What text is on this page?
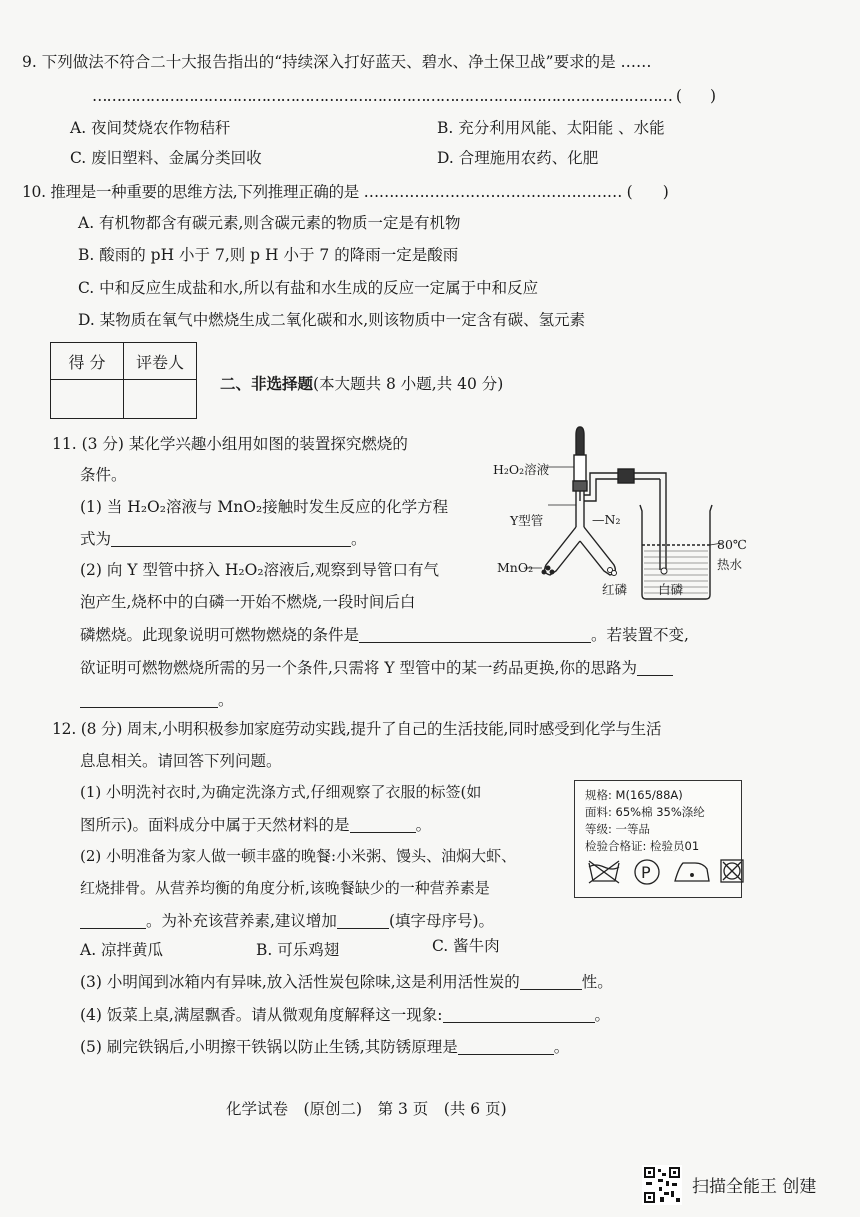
9. 下列做法不符合二十大报告指出的“持续深入打好蓝天、碧水、净土保卫战”要求的是 ……
………………………………………………………………………………………………………… (　　)
A. 夜间焚烧农作物秸秆	B. 充分利用风能、太阳能 、水能
C. 废旧塑料、金属分类回收	D. 合理施用农药、化肥
10. 推理是一种重要的思维方法,下列推理正确的是 …………………………………………… (　　)
A. 有机物都含有碳元素,则含碳元素的物质一定是有机物
B. 酸雨的 pH 小于 7,则 p H 小于 7 的降雨一定是酸雨
C. 中和反应生成盐和水,所以有盐和水生成的反应一定属于中和反应
D. 某物质在氧气中燃烧生成二氧化碳和水,则该物质中一定含有碳、氢元素
得 分	评卷人

二、非选择题(本大题共 8 小题,共 40 分)
11. (3 分) 某化学兴趣小组用如图的装置探究燃烧的
条件。
(1) 当 H₂O₂溶液与 MnO₂接触时发生反应的化学方程
式为	。
(2) 向 Y 型管中挤入 H₂O₂溶液后,观察到导管口有气
泡产生,烧杯中的白磷一开始不燃烧,一段时间后白
磷燃烧。此现象说明可燃物燃烧的条件是	。若装置不变,
欲证明可燃物燃烧所需的另一个条件,只需将 Y 型管中的某一药品更换,你的思路为
。
H₂O₂溶液
Y型管	—N₂
MnO₂
红磷 白磷
80℃
热水
12. (8 分) 周末,小明积极参加家庭劳动实践,提升了自己的生活技能,同时感受到化学与生活
息息相关。请回答下列问题。
(1) 小明洗衬衣时,为确定洗涤方式,仔细观察了衣服的标签(如
图所示)。面料成分中属于天然材料的是	。
(2) 小明准备为家人做一顿丰盛的晚餐:小米粥、馒头、油焖大虾、
红烧排骨。从营养均衡的角度分析,该晚餐缺少的一种营养素是
。为补充该营养素,建议增加	(填字母序号)。
A. 凉拌黄瓜	B. 可乐鸡翅	C. 酱牛肉
(3) 小明闻到冰箱内有异味,放入活性炭包除味,这是利用活性炭的	性。
(4) 饭菜上桌,满屋飘香。请从微观角度解释这一现象:	。
(5) 刷完铁锅后,小明擦干铁锅以防止生锈,其防锈原理是	。
规格: M(165/88A)
面料: 65%棉 35%涤纶
等级: 一等品
检验合格证: 检验员01
P
化学试卷　(原创二)　第 3 页　(共 6 页)
扫描全能王 创建
